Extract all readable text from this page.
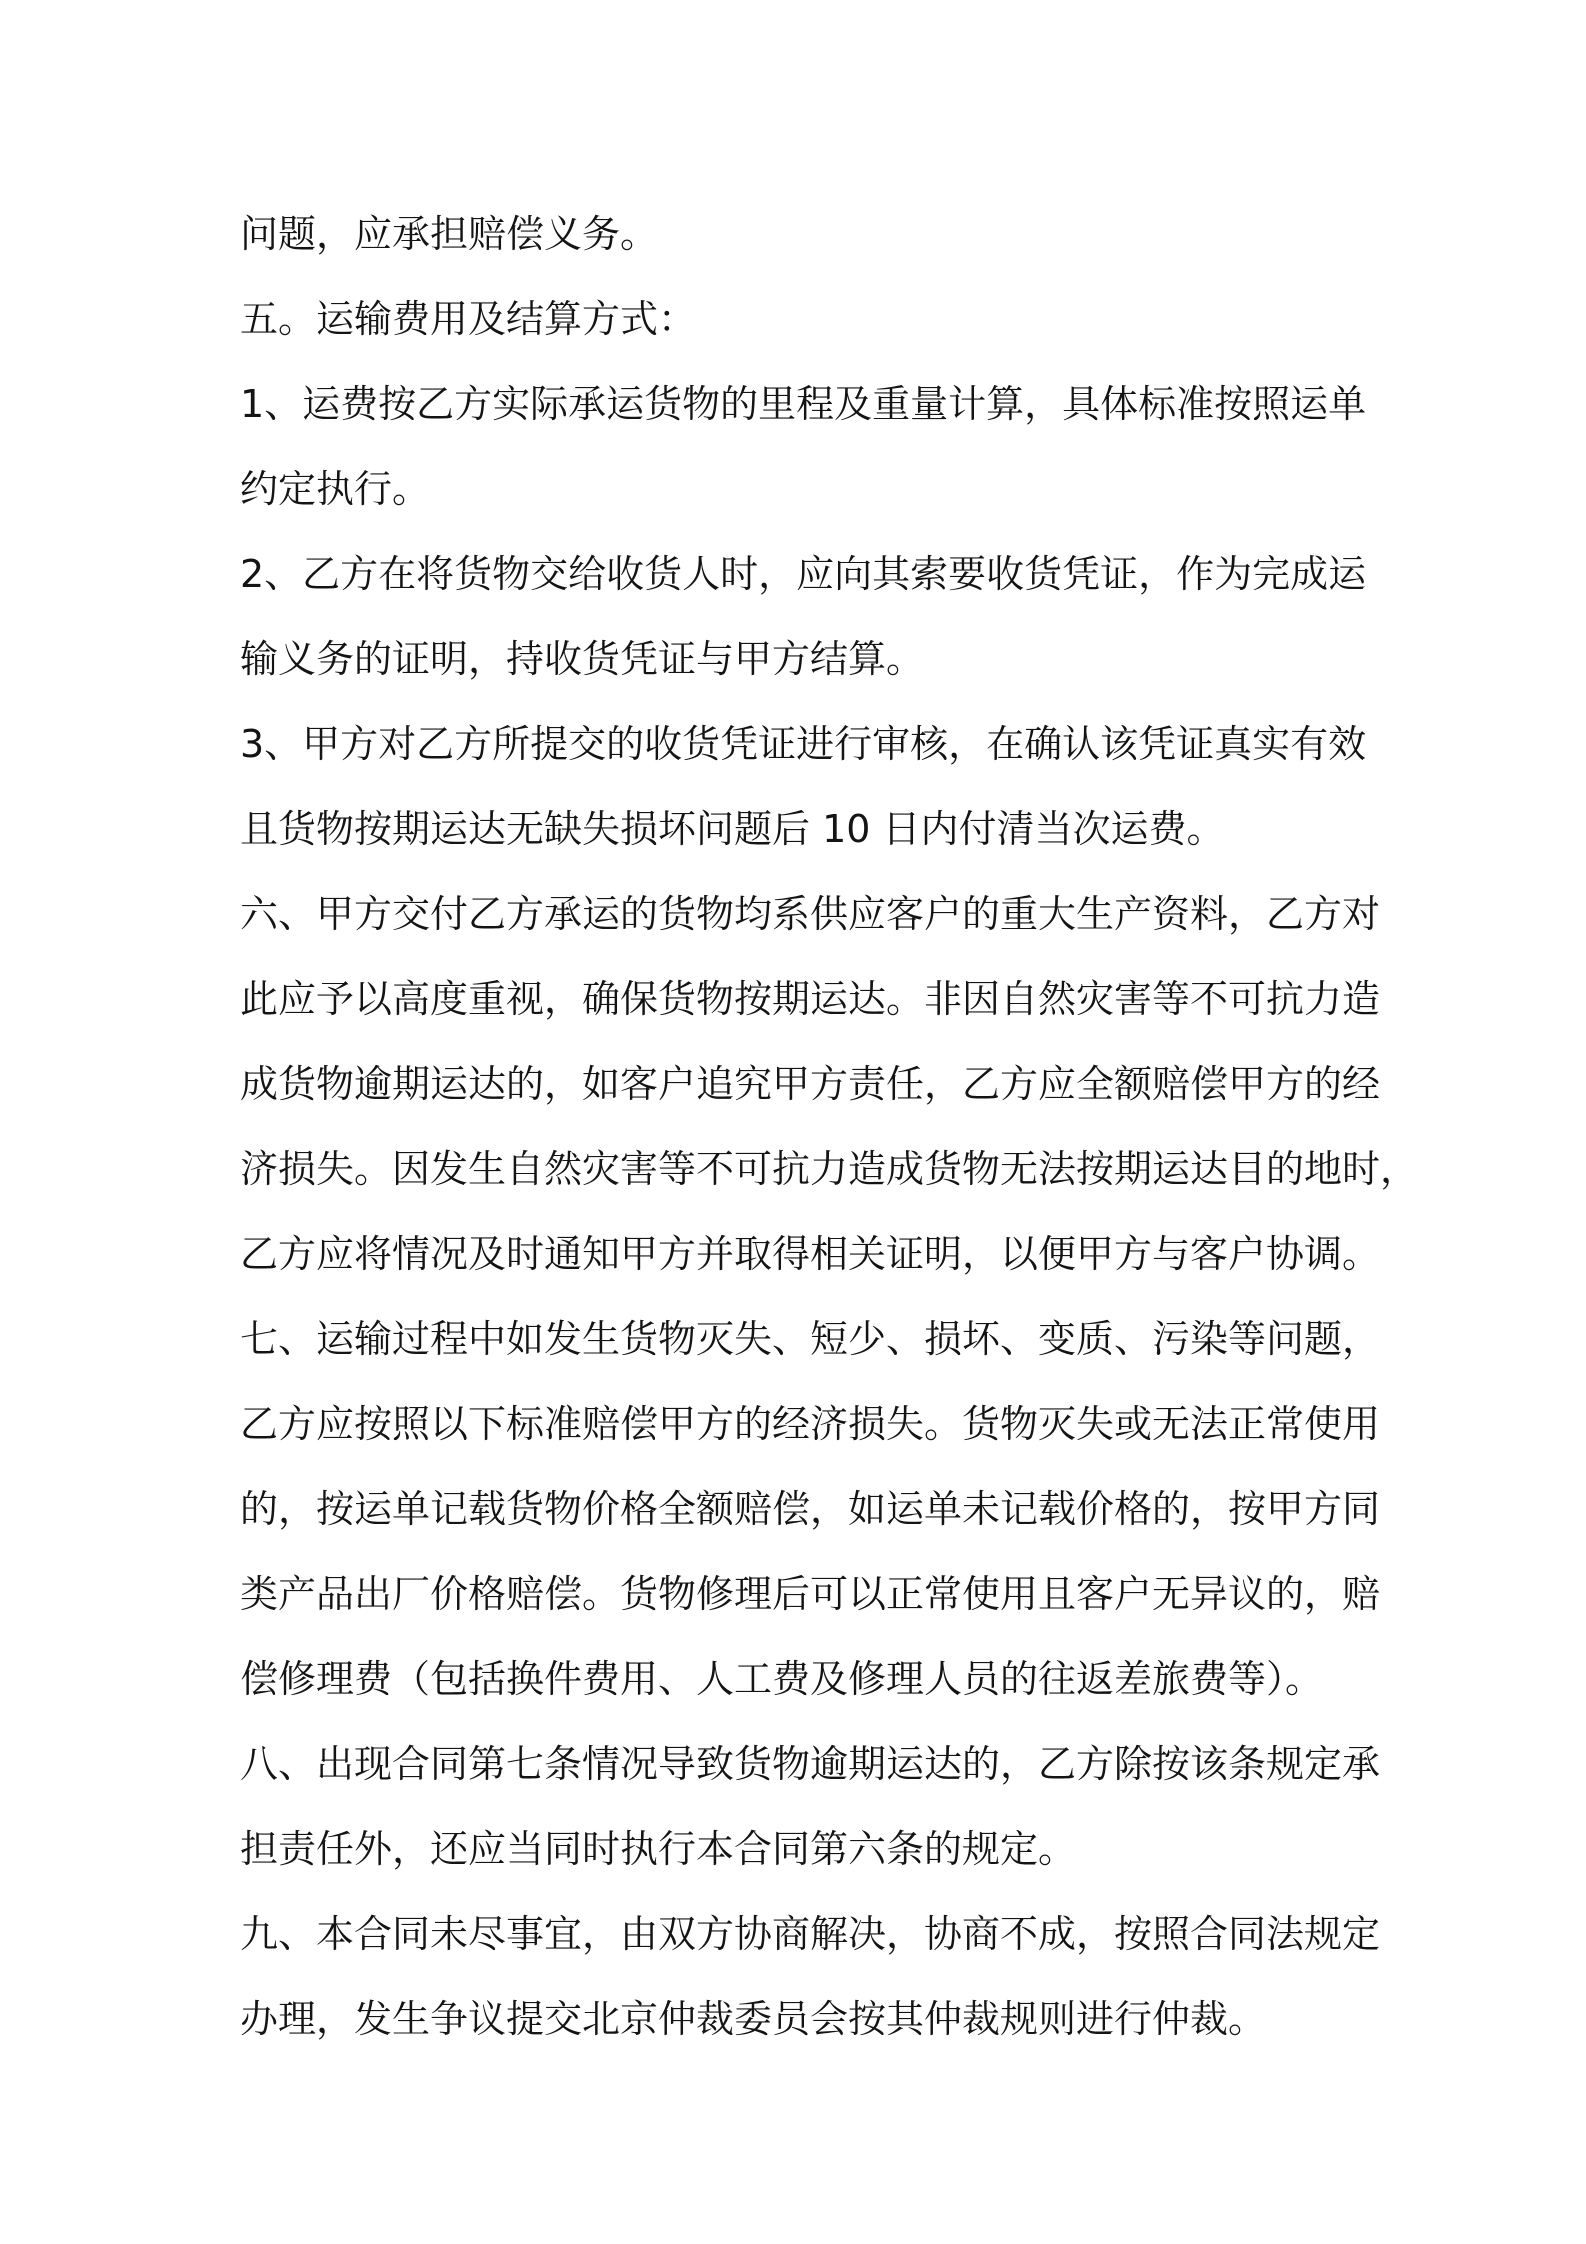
问题，应承担赔偿义务。
五。运输费用及结算方式：
1、运费按乙方实际承运货物的里程及重量计算，具体标准按照运单
约定执行。
2、乙方在将货物交给收货人时，应向其索要收货凭证，作为完成运
输义务的证明，持收货凭证与甲方结算。
3、甲方对乙方所提交的收货凭证进行审核，在确认该凭证真实有效
且货物按期运达无缺失损坏问题后 10 日内付清当次运费。
六、甲方交付乙方承运的货物均系供应客户的重大生产资料，乙方对
此应予以高度重视，确保货物按期运达。非因自然灾害等不可抗力造
成货物逾期运达的，如客户追究甲方责任，乙方应全额赔偿甲方的经
济损失。因发生自然灾害等不可抗力造成货物无法按期运达目的地时，
乙方应将情况及时通知甲方并取得相关证明，以便甲方与客户协调。
七、运输过程中如发生货物灭失、短少、损坏、变质、污染等问题，
乙方应按照以下标准赔偿甲方的经济损失。货物灭失或无法正常使用
的，按运单记载货物价格全额赔偿，如运单未记载价格的，按甲方同
类产品出厂价格赔偿。货物修理后可以正常使用且客户无异议的，赔
偿修理费（包括换件费用、人工费及修理人员的往返差旅费等）。
八、出现合同第七条情况导致货物逾期运达的，乙方除按该条规定承
担责任外，还应当同时执行本合同第六条的规定。
九、本合同未尽事宜，由双方协商解决，协商不成，按照合同法规定
办理，发生争议提交北京仲裁委员会按其仲裁规则进行仲裁。
